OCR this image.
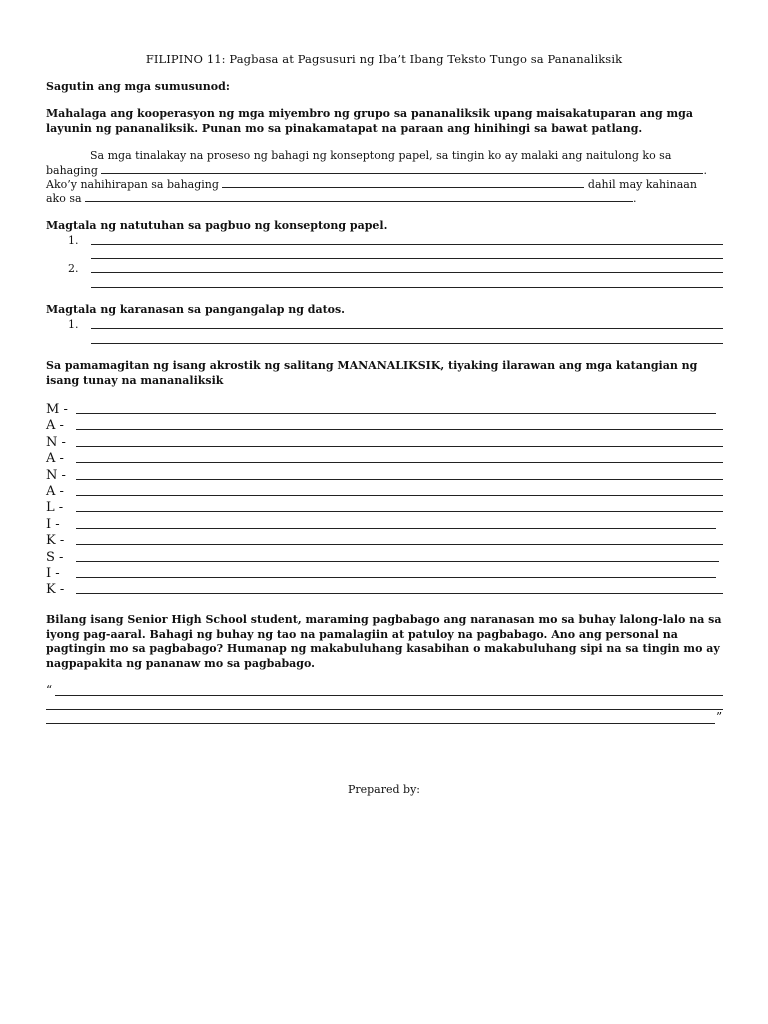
FILIPINO 11: Pagbasa at Pagsusuri ng Iba’t Ibang Teksto Tungo sa Pananaliksik
Sagutin ang mga sumusunod:
Mahalaga ang kooperasyon ng mga miyembro ng grupo sa pananaliksik upang maisakatuparan ang mga layunin ng pananaliksik. Punan mo sa pinakamatapat na paraan ang hinihingi sa bawat patlang.
Sa mga tinalakay na proseso ng bahagi ng konseptong papel, sa tingin ko ay malaki ang naitulong ko sa
bahaging	.
Ako’y nahihirapan sa bahaging	dahil may kahinaan
ako sa	.
Magtala ng natutuhan sa pagbuo ng konseptong papel.
1.
2.
Magtala ng karanasan sa pangangalap ng datos.
1.
Sa pamamagitan ng isang akrostik ng salitang MANANALIKSIK, tiyaking ilarawan ang mga katangian ng isang tunay na mananaliksik
M -
A -
N -
A -
N -
A -
L -
I -
K -
S -
I -
K -
Bilang isang Senior High School student, maraming pagbabago ang naranasan mo sa buhay lalong-lalo na sa iyong pag-aaral. Bahagi ng buhay ng tao na pamalagiin at patuloy na pagbabago. Ano ang personal na pagtingin mo sa pagbabago? Humanap ng makabuluhang kasabihan o makabuluhang sipi na sa tingin mo ay nagpapakita ng pananaw mo sa pagbabago.
“
”
Prepared by:
